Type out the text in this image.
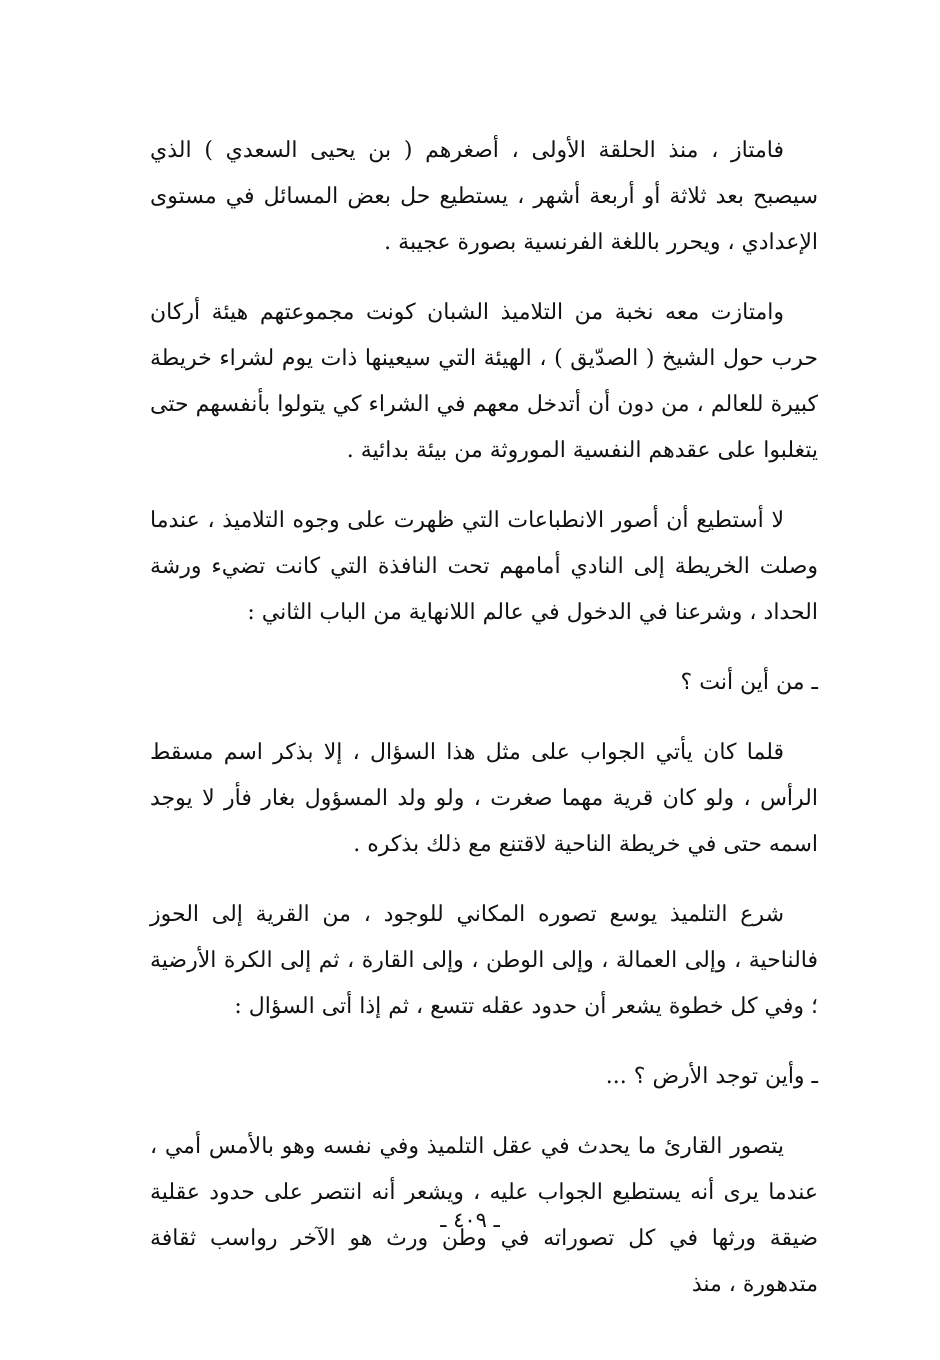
فامتاز ، منذ الحلقة الأولى ، أصغرهم ( بن يحيى السعدي ) الذي سيصبح بعد ثلاثة أو أربعة أشهر ، يستطيع حل بعض المسائل في مستوى الإعدادي ، ويحرر باللغة الفرنسية بصورة عجيبة .

وامتازت معه نخبة من التلاميذ الشبان كونت مجموعتهم هيئة أركان حرب حول الشيخ ( الصدّيق ) ، الهيئة التي سيعينها ذات يوم لشراء خريطة كبيرة للعالم ، من دون أن أتدخل معهم في الشراء كي يتولوا بأنفسهم حتى يتغلبوا على عقدهم النفسية الموروثة من بيئة بدائية .

لا أستطيع أن أصور الانطباعات التي ظهرت على وجوه التلاميذ ، عندما وصلت الخريطة إلى النادي أمامهم تحت النافذة التي كانت تضيء ورشة الحداد ، وشرعنا في الدخول في عالم اللانهاية من الباب الثاني :

ـ من أين أنت ؟

قلما كان يأتي الجواب على مثل هذا السؤال ، إلا بذكر اسم مسقط الرأس ، ولو كان قرية مهما صغرت ، ولو ولد المسؤول بغار فأر لا يوجد اسمه حتى في خريطة الناحية لاقتنع مع ذلك بذكره .

شرع التلميذ يوسع تصوره المكاني للوجود ، من القرية إلى الحوز فالناحية ، وإلى العمالة ، وإلى الوطن ، وإلى القارة ، ثم إلى الكرة الأرضية ؛ وفي كل خطوة يشعر أن حدود عقله تتسع ، ثم إذا أتى السؤال :

ـ وأين توجد الأرض ؟ ...

يتصور القارئ ما يحدث في عقل التلميذ وفي نفسه وهو بالأمس أمي ، عندما يرى أنه يستطيع الجواب عليه ، ويشعر أنه انتصر على حدود عقلية ضيقة ورثها في كل تصوراته في وطن ورث هو الآخر رواسب ثقافة متدهورة ، منذ

ـ ٤٠٩ ـ
